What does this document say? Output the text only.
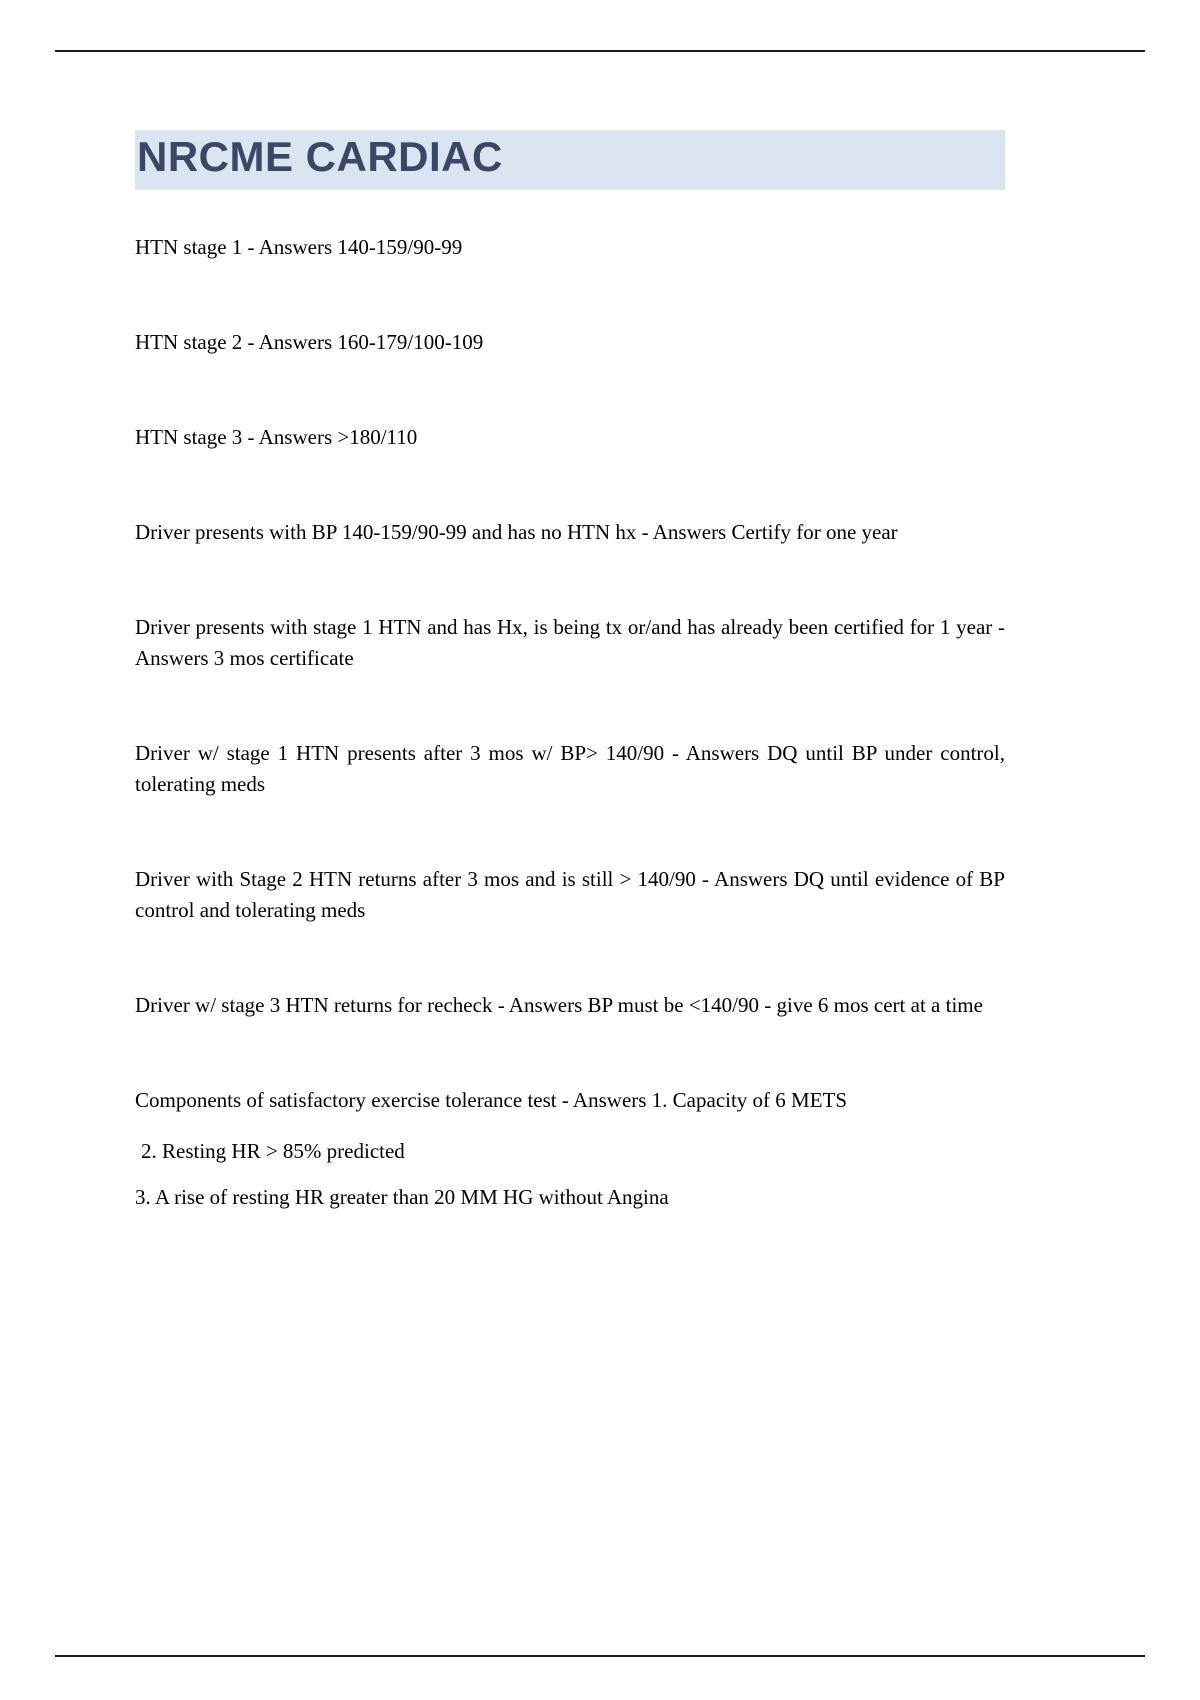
NRCME CARDIAC

HTN stage 1 - Answers 140-159/90-99

HTN stage 2 - Answers 160-179/100-109

HTN stage 3 - Answers >180/110

Driver presents with BP 140-159/90-99 and has no HTN hx - Answers Certify for one year

Driver presents with stage 1 HTN and has Hx, is being tx or/and has already been certified for 1 year - Answers 3 mos certificate

Driver w/ stage 1 HTN presents after 3 mos w/ BP> 140/90 - Answers DQ until BP under control, tolerating meds

Driver with Stage 2 HTN returns after 3 mos and is still > 140/90 - Answers DQ until evidence of BP control and tolerating meds

Driver w/ stage 3 HTN returns for recheck - Answers BP must be <140/90 - give 6 mos cert at a time

Components of satisfactory exercise tolerance test - Answers 1. Capacity of 6 METS

2. Resting HR > 85% predicted

3. A rise of resting HR greater than 20 MM HG without Angina
